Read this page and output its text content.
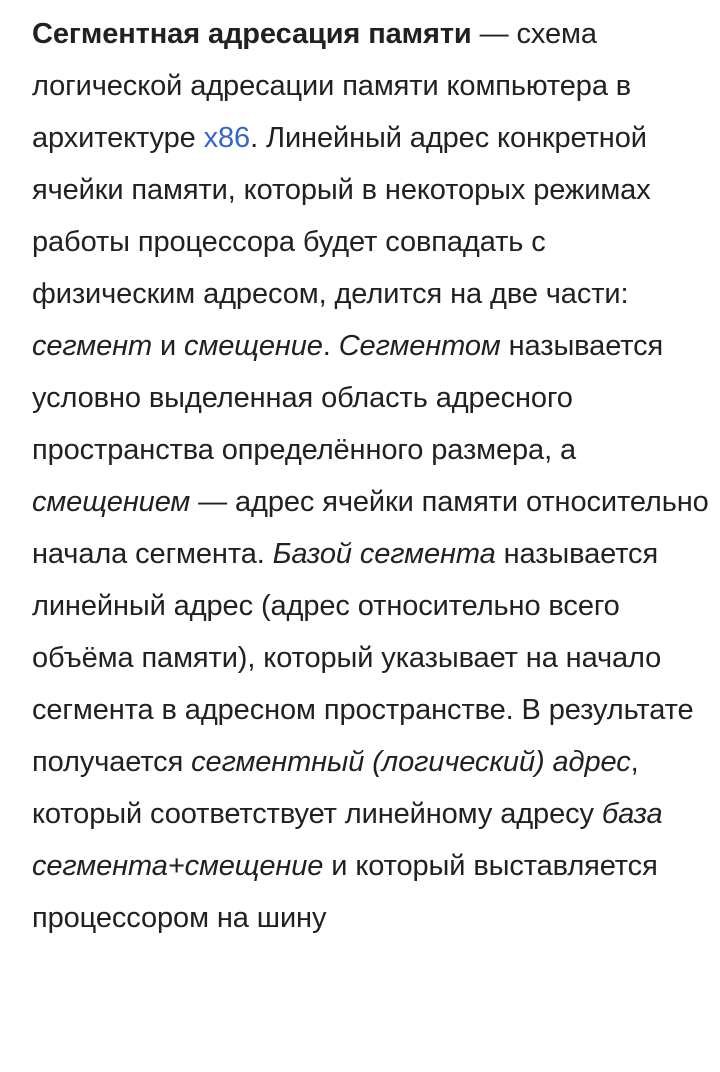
Сегментная адресация памяти — схема логической адресации памяти компьютера в архитектуре x86. Линейный адрес конкретной ячейки памяти, который в некоторых режимах работы процессора будет совпадать с физическим адресом, делится на две части: сегмент и смещение. Сегментом называется условно выделенная область адресного пространства определённого размера, а смещением — адрес ячейки памяти относительно начала сегмента. Базой сегмента называется линейный адрес (адрес относительно всего объёма памяти), который указывает на начало сегмента в адресном пространстве. В результате получается сегментный (логический) адрес, который соответствует линейному адресу база сегмента+смещение и который выставляется процессором на шину
